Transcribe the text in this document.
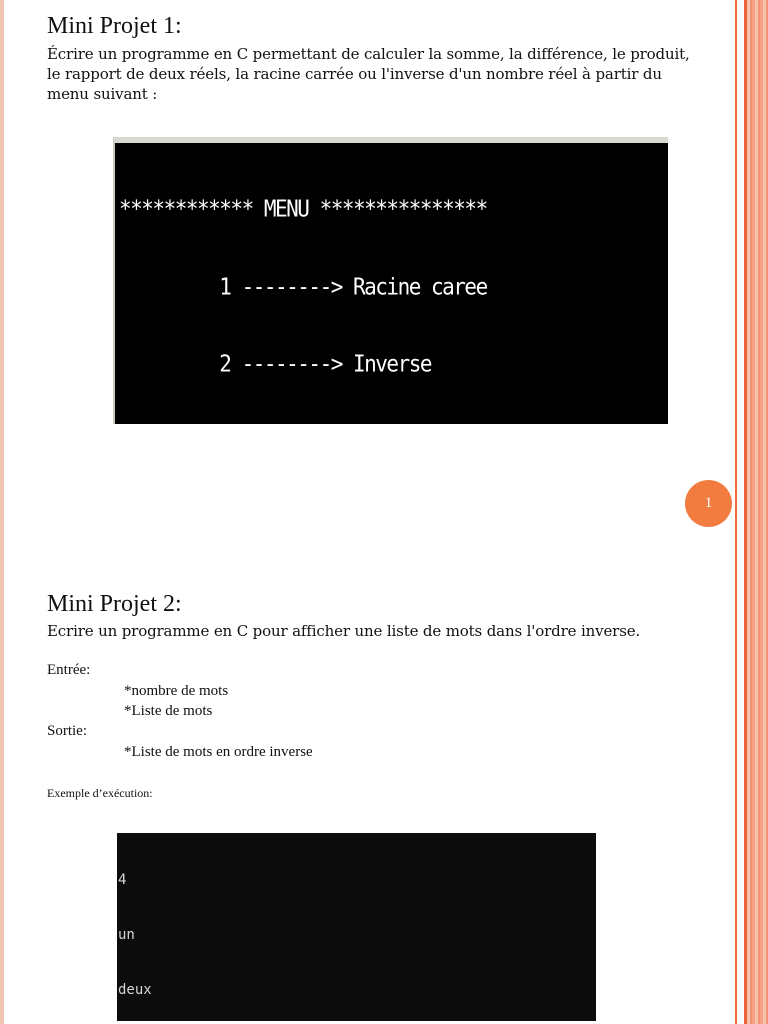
Mini Projet 1:

Écrire un programme en C permettant de calculer la somme, la différence, le produit, le rapport de deux réels, la racine carrée ou l'inverse d'un nombre réel à partir du menu suivant :

************ MENU ***************

1 --------> Racine caree

2 --------> Inverse

1
Mini Projet 2:

Ecrire un programme en C pour afficher une liste de mots dans l'ordre inverse.

Entrée:
*nombre de mots
*Liste de mots
Sortie:
*Liste de mots en ordre inverse
Exemple d’exécution:

4

un

deux
